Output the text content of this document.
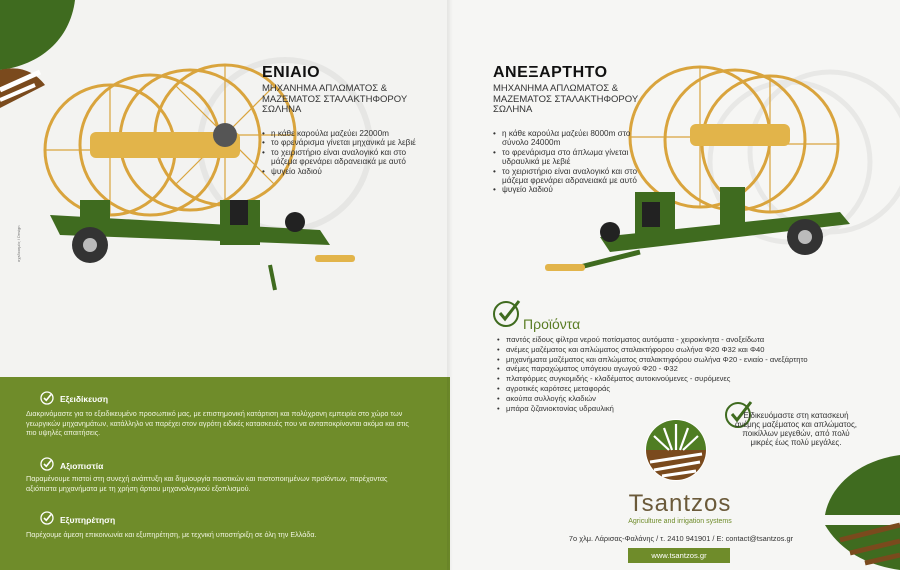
ΕΝΙΑΙΟ
ΜΗΧΑΝΗΜΑ ΑΠΛΩΜΑΤΟΣ & ΜΑΖΕΜΑΤΟΣ ΣΤΑΛΑΚΤΗΦΟΡΟΥ ΣΩΛΗΝΑ
• η κάθε καρούλα μαζεύει 22000m
• το φρενάρισμα γίνεται μηχανικά με λεβιέ
• το χειριστήριο είναι αναλογικό και στο μάζεμα φρενάρει αδρανειακά με αυτό
• ψυγείο λαδιού
σχεδιασμός / Design
Εξειδίκευση
Διακρινόμαστε για το εξειδικευμένο προσωπικό μας, με επιστημονική κατάρτιση και πολύχρονη εμπειρία στο χώρο των γεωργικών μηχανημάτων, κατάλληλο να παρέχει στον αγρότη ειδικές κατασκευές που να ανταποκρίνονται ακόμα και στις πιο υψηλές απαιτήσεις.
Αξιοπιστία
Παραμένουμε πιστοί στη συνεχή ανάπτυξη και δημιουργία ποιοτικών και πιστοποιημένων προϊόντων, παρέχοντας αξιόπιστα μηχανήματα με τη χρήση άρτιου μηχανολογικού εξοπλισμού.
Εξυπηρέτηση
Παρέχουμε άμεση επικοινωνία και εξυπηρέτηση, με τεχνική υποστήριξη σε όλη την Ελλάδα.
ΑΝΕΞΑΡΤΗΤΟ
ΜΗΧΑΝΗΜΑ ΑΠΛΩΜΑΤΟΣ & ΜΑΖΕΜΑΤΟΣ ΣΤΑΛΑΚΤΗΦΟΡΟΥ ΣΩΛΗΝΑ
• η κάθε καρούλα μαζεύει 8000m στο σύνολο 24000m
• το φρενάρισμα στο άπλωμα γίνεται υδραυλικά με λεβιέ
• το χειριστήριο είναι αναλογικό και στο μάζεμα φρενάρει αδρανειακά με αυτό
• ψυγείο λαδιού
Προϊόντα
• παντός είδους φίλτρα νερού ποτίσματος αυτόματα - χειροκίνητα - ανοξείδωτα
• ανέμες μαζέματος και απλώματος σταλακτήφορου σωλήνα Φ20 Φ32 και Φ40
• μηχανήματα μαζέματος και απλώματος σταλακτηφόρου σωλήνα Φ20 - ενιαίο - ανεξάρτητο
• ανέμες παραχώματος υπόγειου αγωγού Φ20 - Φ32
• πλατφόρμες συγκομιδής - κλαδέματος αυτοκινούμενες - συρόμενες
• αγροτικές καρότσες μεταφοράς
• ακούπα συλλογής κλαδιών
• μπάρα ζιζανιοκτονίας υδραυλική
Ειδικευόμαστε στη κατασκευή ανέμης μαζέματος και απλώματος, ποικίλλων μεγεθών, από πολύ μικρές έως πολύ μεγάλες.
Tsantzos
Agriculture and irrigation systems
7ο χλμ. Λάρισας-Φαλάνης / τ. 2410 941901 / E: contact@tsantzos.gr
www.tsantzos.gr
